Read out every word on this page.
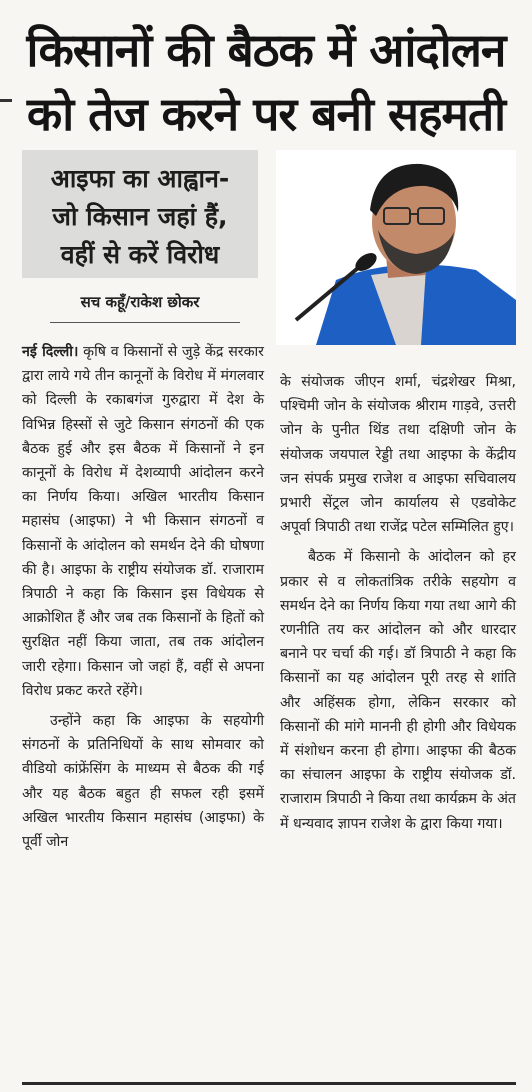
किसानों की बैठक में आंदोलन
को तेज करने पर बनी सहमती
आइफा का आह्वान-
जो किसान जहां हैं,
वहीं से करें विरोध
सच कहूँ/राकेश छोकर

नई दिल्ली। कृषि व किसानों से जुड़े केंद्र सरकार द्वारा लाये गये तीन कानूनों के विरोध में मंगलवार को दिल्ली के रकाबगंज गुरुद्वारा में देश के विभिन्न हिस्सों से जुटे किसान संगठनों की एक बैठक हुई और इस बैठक में किसानों ने इन कानूनों के विरोध में देशव्यापी आंदोलन करने का निर्णय किया। अखिल भारतीय किसान महासंघ (आइफा) ने भी किसान संगठनों व किसानों के आंदोलन को समर्थन देने की घोषणा की है। आइफा के राष्ट्रीय संयोजक डॉ. राजाराम त्रिपाठी ने कहा कि किसान इस विधेयक से आक्रोशित हैं और जब तक किसानों के हितों को सुरक्षित नहीं किया जाता, तब तक आंदोलन जारी रहेगा। किसान जो जहां हैं, वहीं से अपना विरोध प्रकट करते रहेंगे।

उन्होंने कहा कि आइफा के सहयोगी संगठनों के प्रतिनिधियों के साथ सोमवार को वीडियो कांफ्रेंसिंग के माध्यम से बैठक की गई और यह बैठक बहुत ही सफल रही इसमें अखिल भारतीय किसान महासंघ (आइफा) के पूर्वी जोन

के संयोजक जीएन शर्मा, चंद्रशेखर मिश्रा, पश्चिमी जोन के संयोजक श्रीराम गाड़वे, उत्तरी जोन के पुनीत थिंड तथा दक्षिणी जोन के संयोजक जयपाल रेड्डी तथा आइफा के केंद्रीय जन संपर्क प्रमुख राजेश व आइफा सचिवालय प्रभारी सेंट्रल जोन कार्यालय से एडवोकेट अपूर्वा त्रिपाठी तथा राजेंद्र पटेल सम्मिलित हुए।

बैठक में किसानो के आंदोलन को हर प्रकार से व लोकतांत्रिक तरीके सहयोग व समर्थन देने का निर्णय किया गया तथा आगे की रणनीति तय कर आंदोलन को और धारदार बनाने पर चर्चा की गई। डॉ त्रिपाठी ने कहा कि किसानों का यह आंदोलन पूरी तरह से शांति और अहिंसक होगा, लेकिन सरकार को किसानों की मांगे माननी ही होगी और विधेयक में संशोधन करना ही होगा। आइफा की बैठक का संचालन आइफा के राष्ट्रीय संयोजक डॉ. राजाराम त्रिपाठी ने किया तथा कार्यक्रम के अंत में धन्यवाद ज्ञापन राजेश के द्वारा किया गया।
